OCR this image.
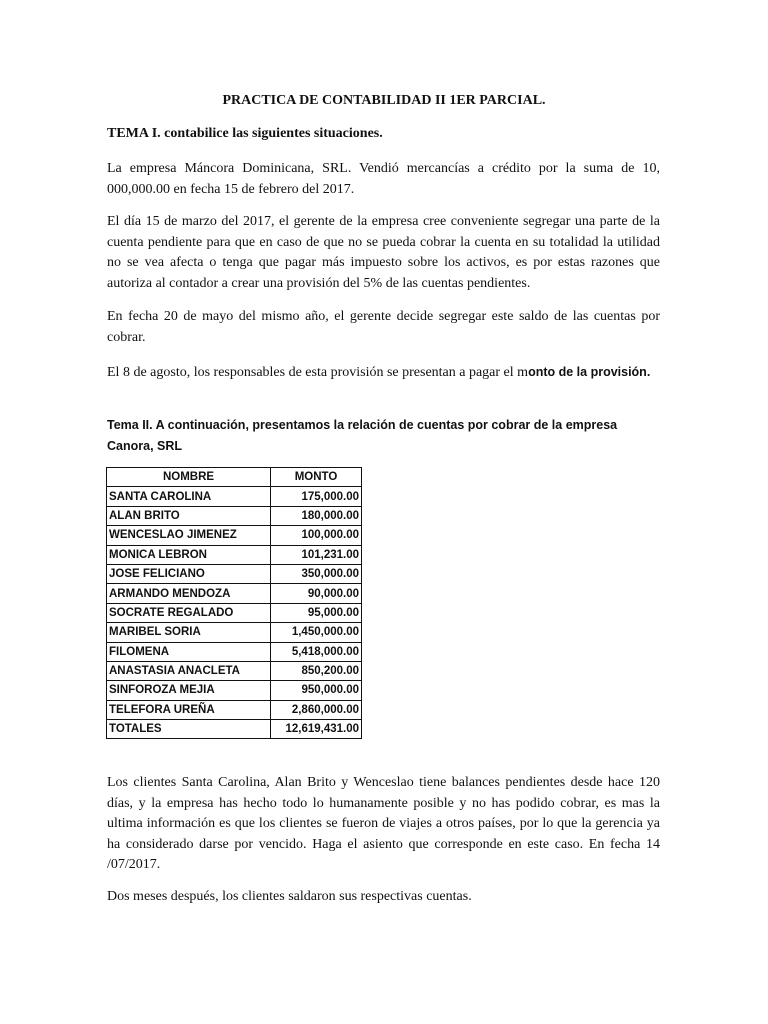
PRACTICA DE CONTABILIDAD II 1ER PARCIAL.

TEMA I. contabilice las siguientes situaciones.

La empresa Máncora Dominicana, SRL. Vendió mercancías a crédito por la suma de 10, 000,000.00 en fecha 15 de febrero del 2017.

El día 15 de marzo del 2017, el gerente de la empresa cree conveniente segregar una parte de la cuenta pendiente para que en caso de que no se pueda cobrar la cuenta en su totalidad la utilidad no se vea afecta o tenga que pagar más impuesto sobre los activos, es por estas razones que autoriza al contador a crear una provisión del 5% de las cuentas pendientes.

En fecha 20 de mayo del mismo año, el gerente decide segregar este saldo de las cuentas por cobrar.

El 8 de agosto, los responsables de esta provisión se presentan a pagar el monto de la provisión.

Tema II. A continuación, presentamos la relación de cuentas por cobrar de la empresa Canora, SRL

NOMBRE	MONTO
SANTA CAROLINA	175,000.00
ALAN BRITO	180,000.00
WENCESLAO JIMENEZ	100,000.00
MONICA LEBRON	101,231.00
JOSE FELICIANO	350,000.00
ARMANDO MENDOZA	90,000.00
SOCRATE REGALADO	95,000.00
MARIBEL SORIA	1,450,000.00
FILOMENA	5,418,000.00
ANASTASIA ANACLETA	850,200.00
SINFOROZA MEJIA	950,000.00
TELEFORA UREÑA	2,860,000.00
TOTALES	12,619,431.00

Los clientes Santa Carolina, Alan Brito y Wenceslao tiene balances pendientes desde hace 120 días, y la empresa has hecho todo lo humanamente posible y no has podido cobrar, es mas la ultima información es que los clientes se fueron de viajes a otros países, por lo que la gerencia ya ha considerado darse por vencido. Haga el asiento que corresponde en este caso. En fecha 14 /07/2017.

Dos meses después, los clientes saldaron sus respectivas cuentas.
